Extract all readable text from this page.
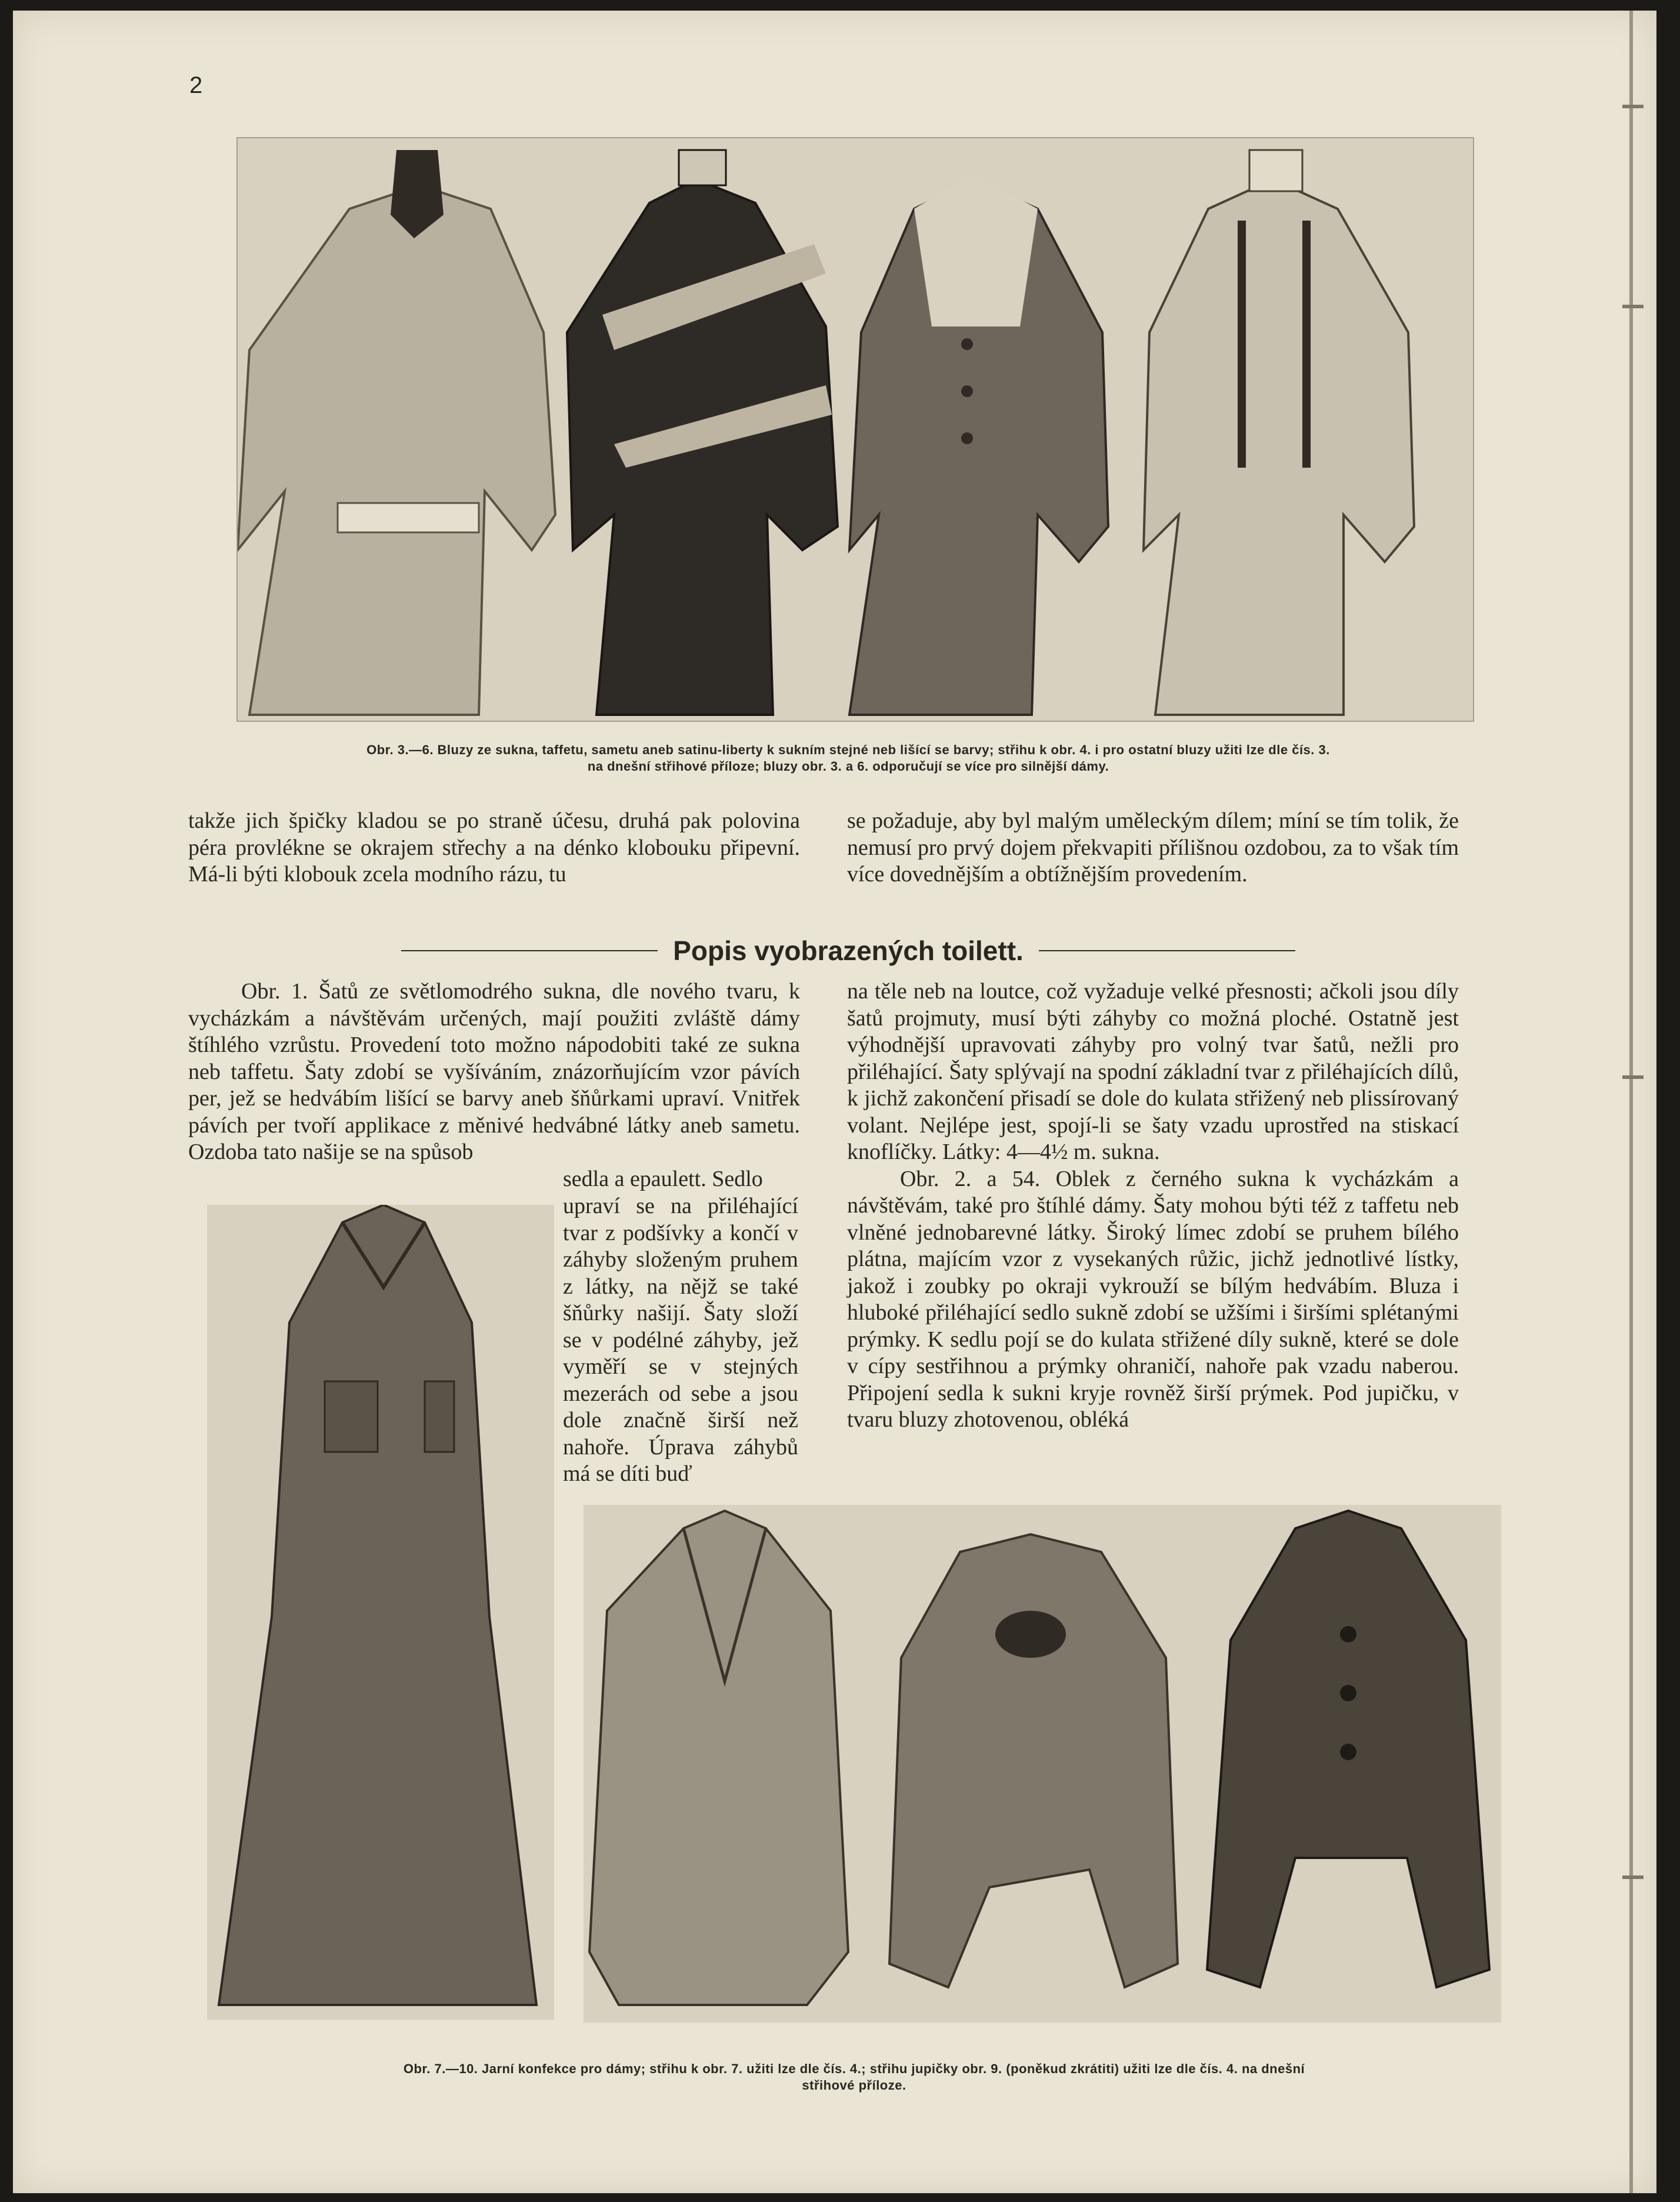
2
Obr. 3.—6. Bluzy ze sukna, taffetu, sametu aneb satinu-liberty k sukním stejné neb lišící se barvy; střihu k obr. 4. i pro ostatní bluzy užiti lze dle čís. 3.
na dnešní střihové příloze; bluzy obr. 3. a 6. odporučují se více pro silnější dámy.
takže jich špičky kladou se po straně účesu, druhá pak polovina péra provlékne se okrajem střechy a na dénko klobouku připevní. Má-li býti klobouk zcela modního rázu, tu
se požaduje, aby byl malým uměleckým dílem; míní se tím tolik, že nemusí pro prvý dojem překvapiti přílišnou ozdobou, za to však tím více dovednějším a obtížnějším provedením.
Popis vyobrazených toilett.

Obr. 1. Šatů ze světlomodrého sukna, dle nového tvaru, k vycházkám a návštěvám určených, mají použiti zvláště dámy štíhlého vzrůstu. Provedení toto možno nápodobiti také ze sukna neb taffetu. Šaty zdobí se vyšíváním, znázorňujícím vzor pávích per, jež se hedvábím lišící se barvy aneb šňůrkami upraví. Vnitřek pávích per tvoří applikace z měnivé hedvábné látky aneb sametu. Ozdoba tato našije se na spůsob

sedla a epaulett. Sedlo
upraví se na přiléhající tvar z podšívky a končí v záhyby složeným pruhem z látky, na nějž se také šňůrky našijí. Šaty složí se v podélné záhyby, jež vyměří se v stejných mezerách od sebe a jsou dole značně širší než nahoře. Úprava záhybů má se díti buď

na těle neb na loutce, což vyžaduje velké přesnosti; ačkoli jsou díly šatů projmuty, musí býti záhyby co možná ploché. Ostatně jest výhodnější upravovati záhyby pro volný tvar šatů, nežli pro přiléhající. Šaty splývají na spodní základní tvar z přiléhajících dílů, k jichž zakončení přisadí se dole do kulata střižený neb plissírovaný volant. Nejlépe jest, spojí-li se šaty vzadu uprostřed na stiskací knoflíčky. Látky: 4—4½ m. sukna.

Obr. 2. a 54. Oblek z černého sukna k vycházkám a návštěvám, také pro štíhlé dámy. Šaty mohou býti též z taffetu neb vlněné jednobarevné látky. Široký límec zdobí se pruhem bílého plátna, majícím vzor z vysekaných růžic, jichž jednotlivé lístky, jakož i zoubky po okraji vykrouží se bílým hedvábím. Bluza i hluboké přiléhající sedlo sukně zdobí se užšími i širšími splétanými prýmky. K sedlu pojí se do kulata střižené díly sukně, které se dole v cípy sestřihnou a prýmky ohraničí, nahoře pak vzadu naberou. Připojení sedla k sukni kryje rovněž širší prýmek. Pod jupičku, v tvaru bluzy zhotovenou, obléká

Obr. 7.—10. Jarní konfekce pro dámy; střihu k obr. 7. užiti lze dle čís. 4.; střihu jupičky obr. 9. (poněkud zkrátiti) užiti lze dle čís. 4. na dnešní
střihové příloze.
